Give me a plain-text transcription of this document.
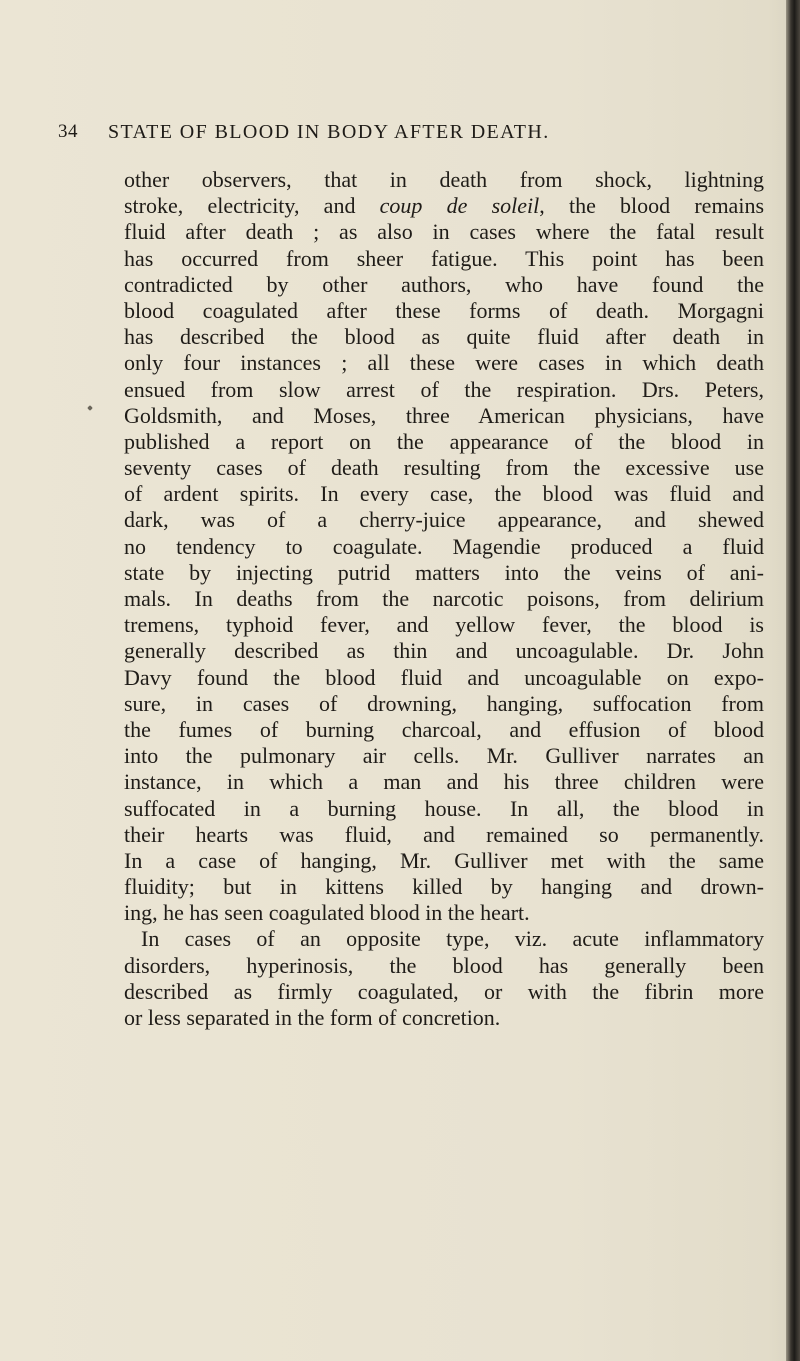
34 STATE OF BLOOD IN BODY AFTER DEATH.
other observers, that in death from shock, lightning
stroke, electricity, and coup de soleil, the blood remains
fluid after death ; as also in cases where the fatal result
has occurred from sheer fatigue. This point has been
contradicted by other authors, who have found the
blood coagulated after these forms of death. Morgagni
has described the blood as quite fluid after death in
only four instances ; all these were cases in which death
ensued from slow arrest of the respiration. Drs. Peters,
Goldsmith, and Moses, three American physicians, have
published a report on the appearance of the blood in
seventy cases of death resulting from the excessive use
of ardent spirits. In every case, the blood was fluid and
dark, was of a cherry-juice appearance, and shewed
no tendency to coagulate. Magendie produced a fluid
state by injecting putrid matters into the veins of ani-
mals. In deaths from the narcotic poisons, from delirium
tremens, typhoid fever, and yellow fever, the blood is
generally described as thin and uncoagulable. Dr. John
Davy found the blood fluid and uncoagulable on expo-
sure, in cases of drowning, hanging, suffocation from
the fumes of burning charcoal, and effusion of blood
into the pulmonary air cells. Mr. Gulliver narrates an
instance, in which a man and his three children were
suffocated in a burning house. In all, the blood in
their hearts was fluid, and remained so permanently.
In a case of hanging, Mr. Gulliver met with the same
fluidity; but in kittens killed by hanging and drown-
ing, he has seen coagulated blood in the heart.
In cases of an opposite type, viz. acute inflammatory
disorders, hyperinosis, the blood has generally been
described as firmly coagulated, or with the fibrin more
or less separated in the form of concretion.
